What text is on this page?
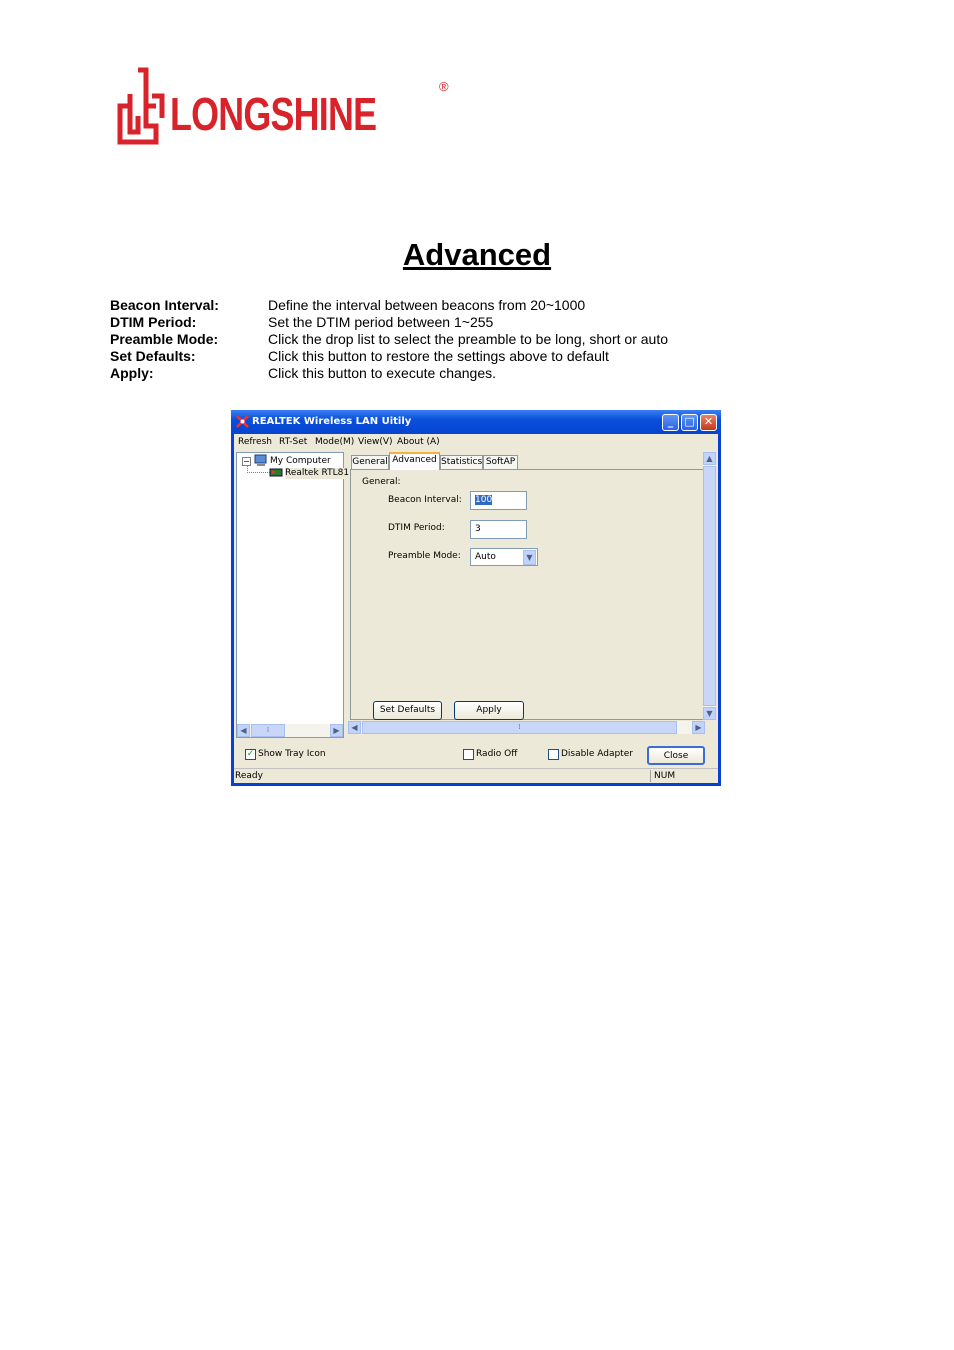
LONGSHINE
®
Advanced
Beacon Interval:	Define the interval between beacons from 20~1000
DTIM Period:	Set the DTIM period between 1~255
Preamble Mode:	Click the drop list to select the preamble to be long, short or auto
Set Defaults:	Click this button to restore the settings above to default
Apply:	Click this button to execute changes.
REALTEK Wireless LAN Uitily	_	□ ✕
Refresh RT-Set Mode(M) View(V) About (A)
− My Computer
Realtek RTL81
◀	⁞	▶
General Advanced Statistics SoftAP
General:
Beacon Interval:	100
DTIM Period:	3
Preamble Mode:	Auto	▼
Set Defaults	Apply
▲
▼
◀	⁞	▶
✓ Show Tray Icon	Radio Off	Disable Adapter	Close
Ready	NUM
